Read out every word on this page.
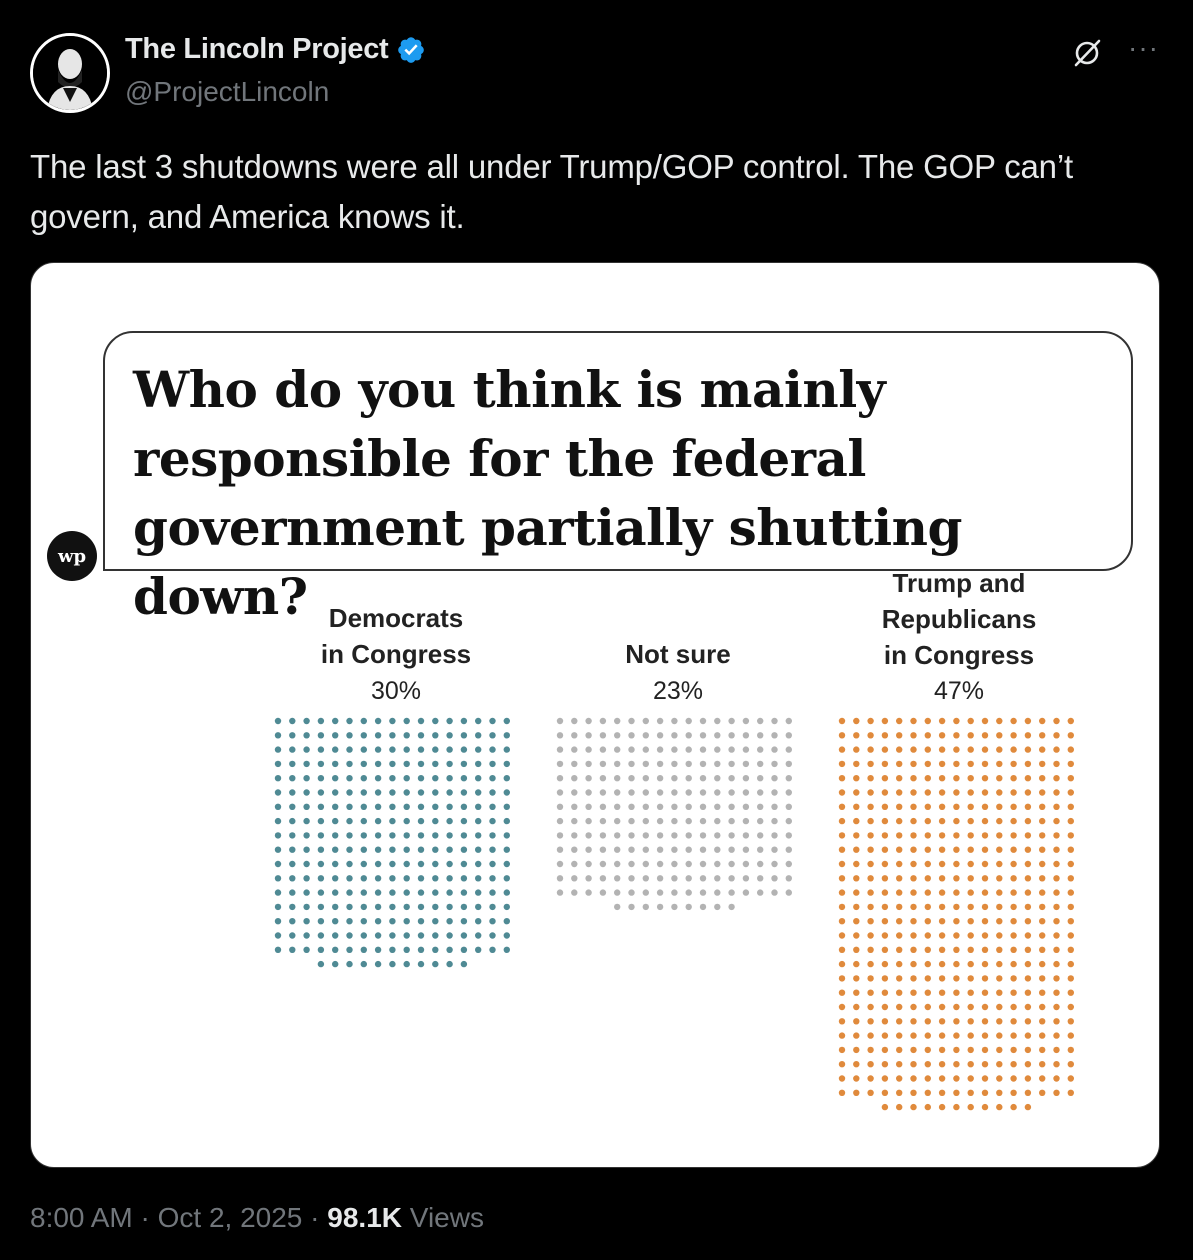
The Lincoln Project
@ProjectLincoln
···
The last 3 shutdowns were all under Trump/GOP control. The GOP can’t govern, and America knows it.
Who do you think is mainly responsible for the federal government partially shutting down?
wp
Democrats
in Congress
30%
Not sure
23%
Trump and
Republicans
in Congress
47%
8:00 AM · Oct 2, 2025 · 98.1K Views
